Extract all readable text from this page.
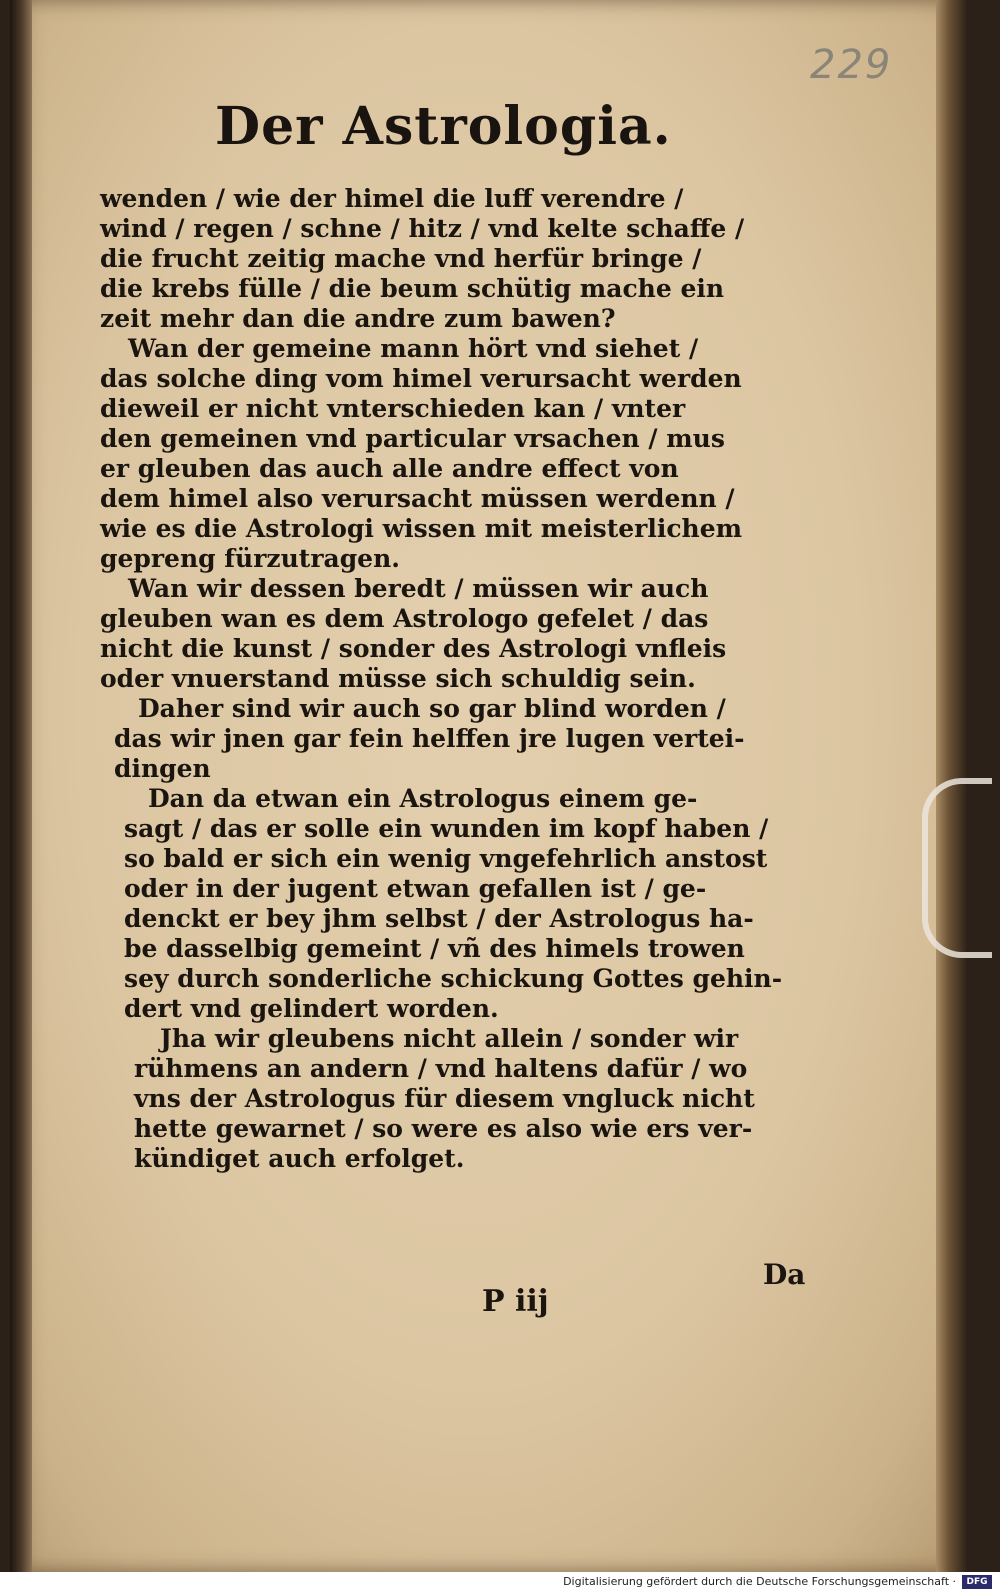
229
Der Astrologia.
wenden / wie der himel die luff verendre /
wind / regen / schne / hitz / vnd kelte schaffe /
die frucht zeitig mache vnd herfür bringe /
die krebs fülle / die beum schütig mache ein
zeit mehr dan die andre zum bawen?
Wan der gemeine mann hört vnd siehet /
das solche ding vom himel verursacht werden
dieweil er nicht vnterschieden kan / vnter
den gemeinen vnd particular vrsachen / mus
er gleuben das auch alle andre effect von
dem himel also verursacht müssen werdenn /
wie es die Astrologi wissen mit meisterlichem
gepreng fürzutragen.
Wan wir dessen beredt / müssen wir auch
gleuben wan es dem Astrologo gefelet / das
nicht die kunst / sonder des Astrologi vnfleis
oder vnuerstand müsse sich schuldig sein.
Daher sind wir auch so gar blind worden /
das wir jnen gar fein helffen jre lugen vertei-
dingen
Dan da etwan ein Astrologus einem ge-
sagt / das er solle ein wunden im kopf haben /
so bald er sich ein wenig vngefehrlich anstost
oder in der jugent etwan gefallen ist / ge-
denckt er bey jhm selbst / der Astrologus ha-
be dasselbig gemeint / vñ des himels trowen
sey durch sonderliche schickung Gottes gehin-
dert vnd gelindert worden.
Jha wir gleubens nicht allein / sonder wir
rühmens an andern / vnd haltens dafür / wo
vns der Astrologus für diesem vngluck nicht
hette gewarnet / so were es also wie ers ver-
kündiget auch erfolget.
P iij
Da
Digitalisierung gefördert durch die Deutsche Forschungsgemeinschaft ·	DFG
